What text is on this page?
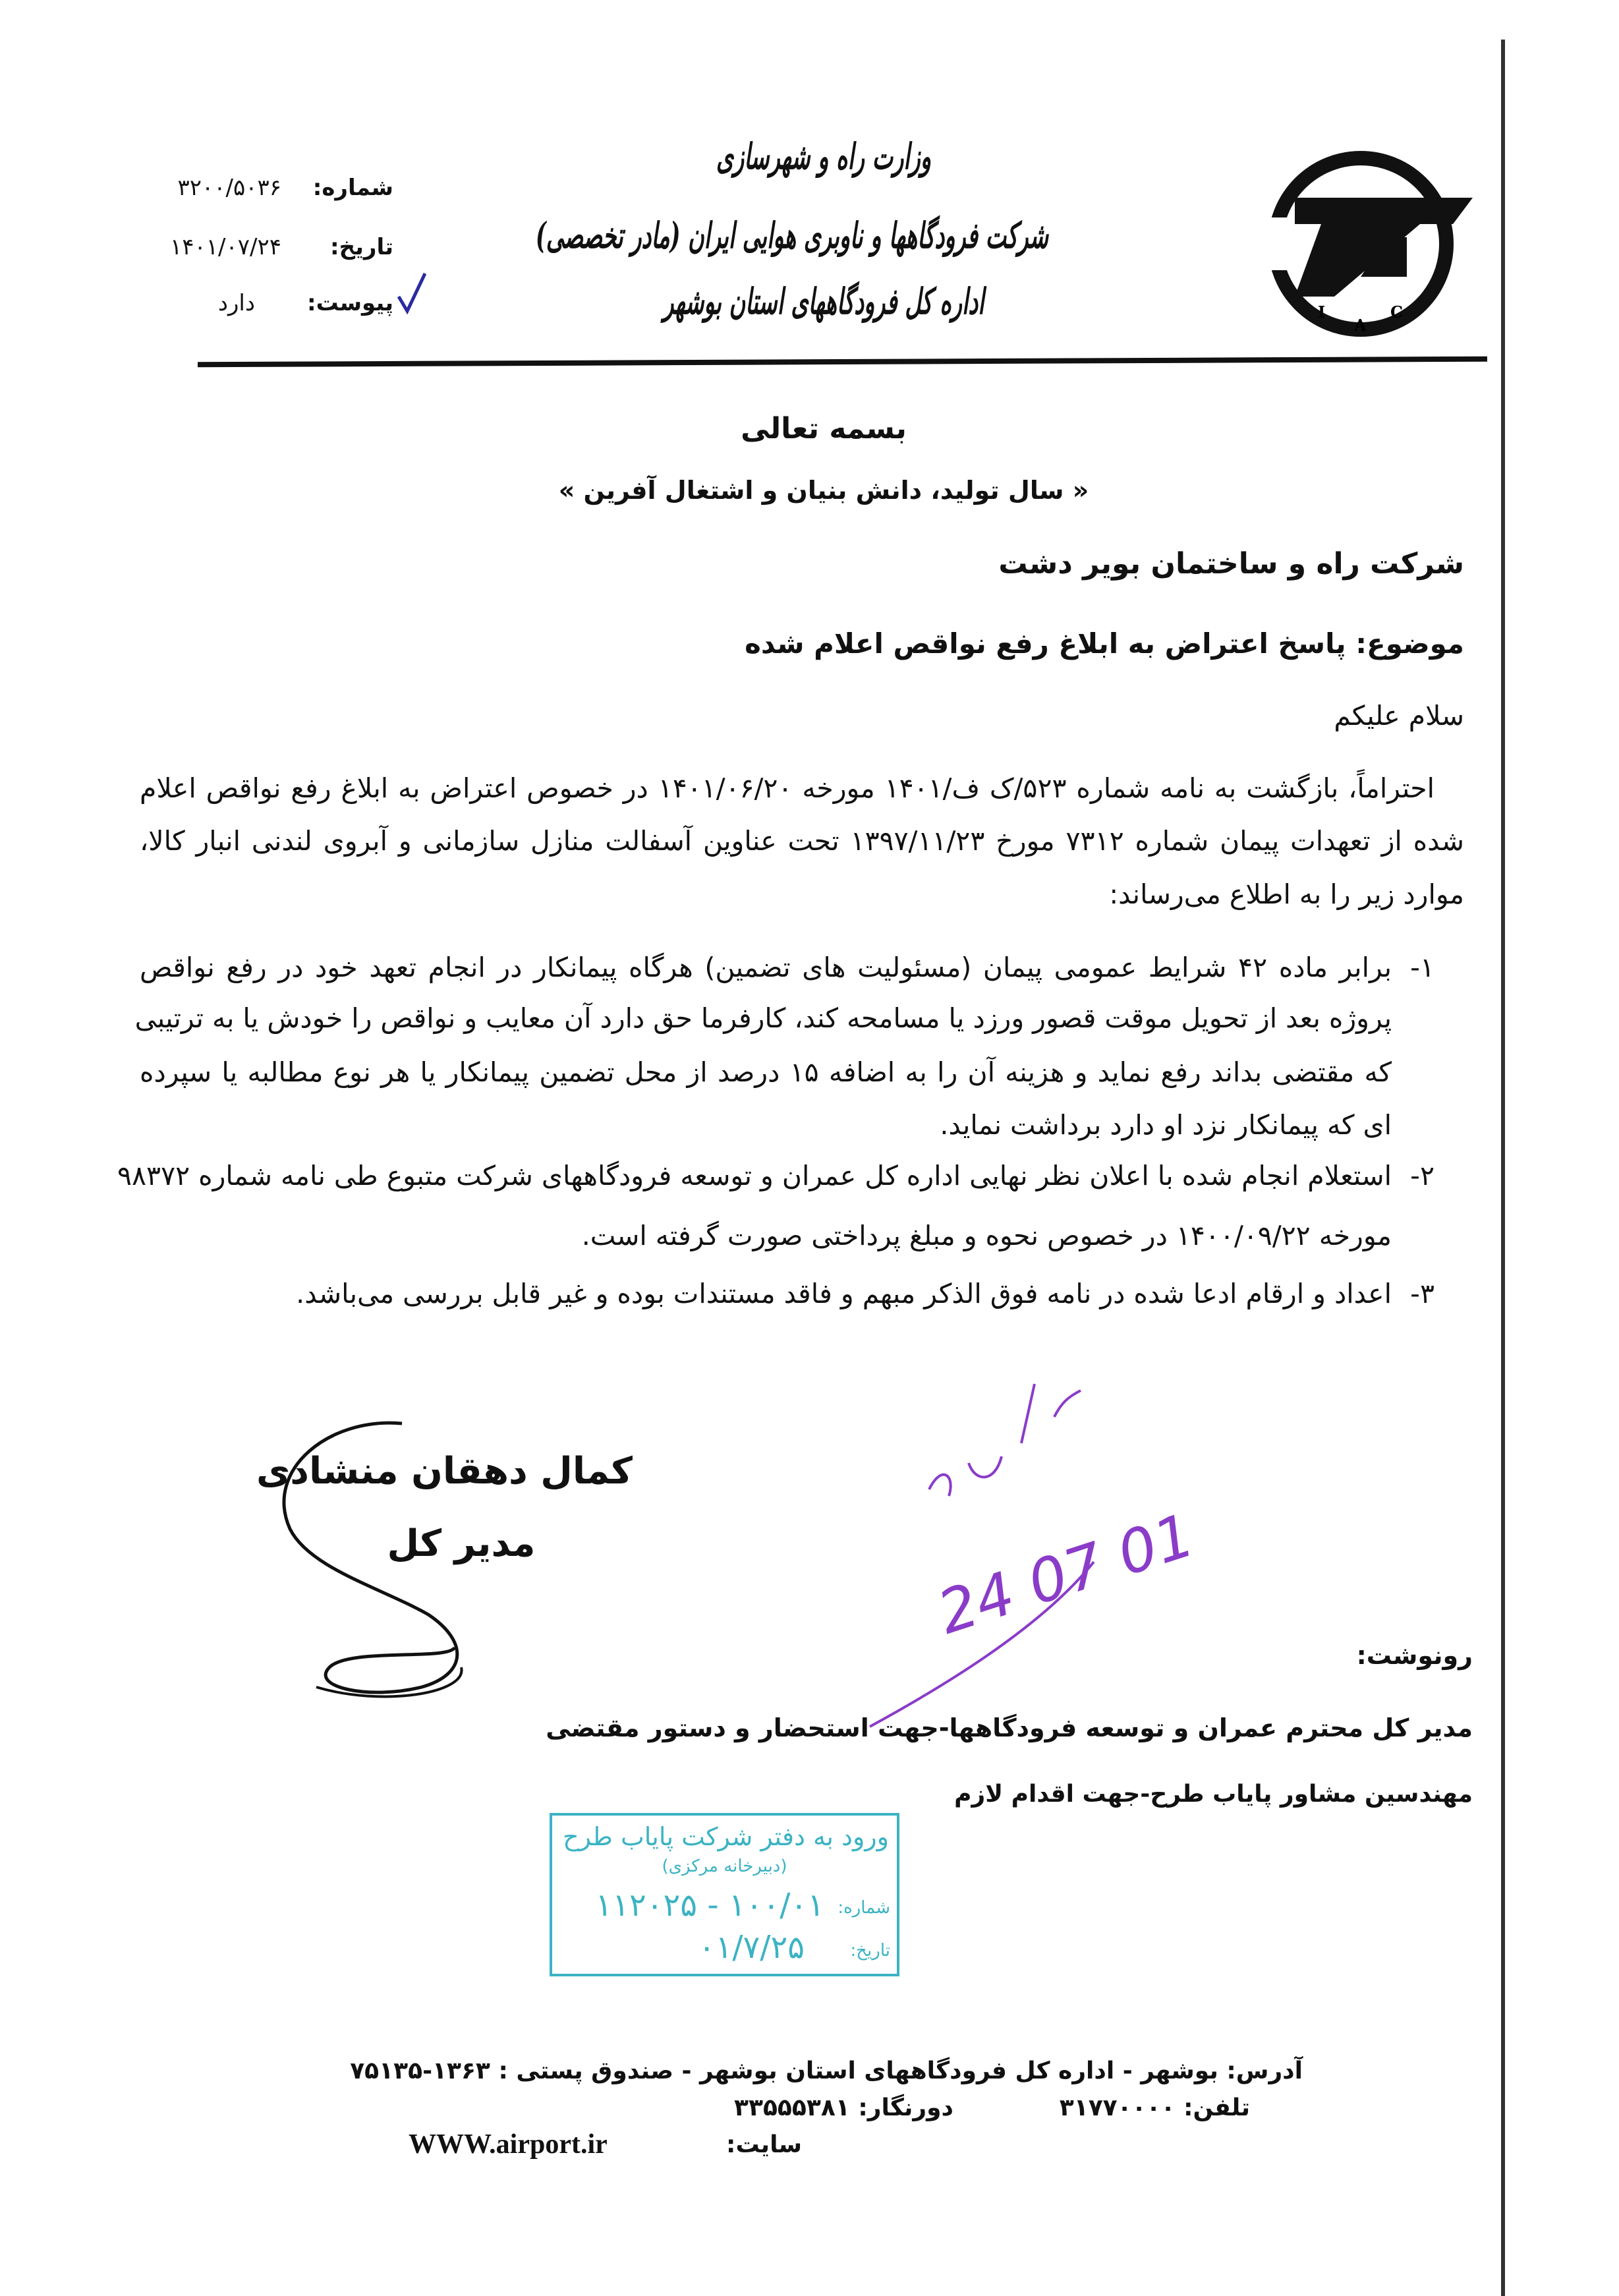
I
A
C
وزارت راه و شهرسازی
شرکت فرودگاهها و ناوبری هوایی ایران (مادر تخصصی)
اداره کل فرودگاههای استان بوشهر
شماره:
۳۲۰۰/۵۰۳۶
تاریخ:
۱۴۰۱/۰۷/۲۴
پیوست:
دارد
بسمه تعالی
« سال تولید، دانش بنیان و اشتغال آفرین »
شرکت راه و ساختمان بویر دشت
موضوع: پاسخ اعتراض به ابلاغ رفع نواقص اعلام شده
سلام علیکم
احتراماً، بازگشت به نامه شماره ۵۲۳/ک ف/۱۴۰۱ مورخه ۱۴۰۱/۰۶/۲۰ در خصوص اعتراض به ابلاغ رفع نواقص اعلام
شده از تعهدات پیمان شماره ۷۳۱۲ مورخ ۱۳۹۷/۱۱/۲۳ تحت عناوین آسفالت منازل سازمانی و آبروی لندنی انبار کالا،
موارد زیر را به اطلاع می‌رساند:
۱-
برابر ماده ۴۲ شرایط عمومی پیمان (مسئولیت های تضمین) هرگاه پیمانکار در انجام تعهد خود در رفع نواقص
پروژه بعد از تحویل موقت قصور ورزد یا مسامحه کند، کارفرما حق دارد آن معایب و نواقص را خودش یا به ترتیبی
که مقتضی بداند رفع نماید و هزینه آن را به اضافه ۱۵ درصد از محل تضمین پیمانکار یا هر نوع مطالبه یا سپرده
ای که پیمانکار نزد او دارد برداشت نماید.
۲-
استعلام انجام شده با اعلان نظر نهایی اداره کل عمران و توسعه فرودگاههای شرکت متبوع طی نامه شماره ۹۸۳۷۲
مورخه ۱۴۰۰/۰۹/۲۲ در خصوص نحوه و مبلغ پرداختی صورت گرفته است.
۳-
اعداد و ارقام ادعا شده در نامه فوق الذکر مبهم و فاقد مستندات بوده و غیر قابل بررسی می‌باشد.
کمال دهقان منشادی
مدیر کل	24 07 01
رونوشت:
مدیر کل محترم عمران و توسعه فرودگاهها-جهت استحضار و دستور مقتضی
مهندسین مشاور پایاب طرح-جهت اقدام لازم
ورود به دفتر شرکت پایاب طرح
(دبیرخانه مرکزی)
شماره:
۱۰۰/۰۱ - ۱۱۲۰۲۵
تاریخ:
۰۱/۷/۲۵
آدرس: بوشهر - اداره کل فرودگاههای استان بوشهر - صندوق پستی : ۱۳۶۳-۷۵۱۳۵
تلفن: ۳۱۷۷۰۰۰۰
دورنگار: ۳۳۵۵۵۳۸۱
سایت:
WWW.airport.ir
